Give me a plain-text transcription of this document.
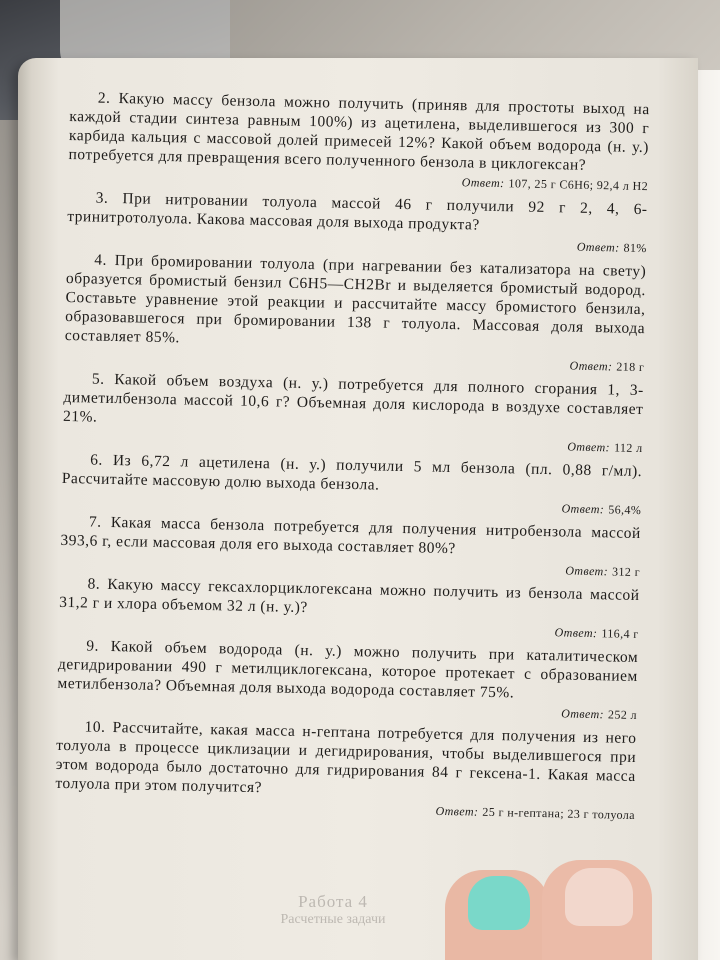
2. Какую массу бензола можно получить (приняв для простоты выход на каждой стадии синтеза равным 100%) из ацетилена, выделившегося из 300 г карбида кальция с массовой долей примесей 12%? Какой объем водорода (н. у.) потребуется для превращения всего полученного бензола в циклогексан?
Ответ: 107, 25 г C6H6; 92,4 л H2
3. При нитровании толуола массой 46 г получили 92 г 2, 4, 6-тринитротолуола. Какова массовая доля выхода продукта?
Ответ: 81%
4. При бромировании толуола (при нагревании без катализатора на свету) образуется бромистый бензил C6H5—CH2Br и выделяется бромистый водород. Составьте уравнение этой реакции и рассчитайте массу бромистого бензила, образовавшегося при бромировании 138 г толуола. Массовая доля выхода составляет 85%.
Ответ: 218 г
5. Какой объем воздуха (н. у.) потребуется для полного сгорания 1, 3-диметилбензола массой 10,6 г? Объемная доля кислорода в воздухе составляет 21%.
Ответ: 112 л
6. Из 6,72 л ацетилена (н. у.) получили 5 мл бензола (пл. 0,88 г/мл). Рассчитайте массовую долю выхода бензола.
Ответ: 56,4%
7. Какая масса бензола потребуется для получения нитробензола массой 393,6 г, если массовая доля его выхода составляет 80%?
Ответ: 312 г
8. Какую массу гексахлорциклогексана можно получить из бензола массой 31,2 г и хлора объемом 32 л (н. у.)?
Ответ: 116,4 г
9. Какой объем водорода (н. у.) можно получить при каталитическом дегидрировании 490 г метилциклогексана, которое протекает с образованием метилбензола? Объемная доля выхода водорода составляет 75%.
Ответ: 252 л
10. Рассчитайте, какая масса н-гептана потребуется для получения из него толуола в процессе циклизации и дегидрирования, чтобы выделившегося при этом водорода было достаточно для гидрирования 84 г гексена-1. Какая масса толуола при этом получится?
Ответ: 25 г н-гептана; 23 г толуола
Работа 4
Расчетные задачи
